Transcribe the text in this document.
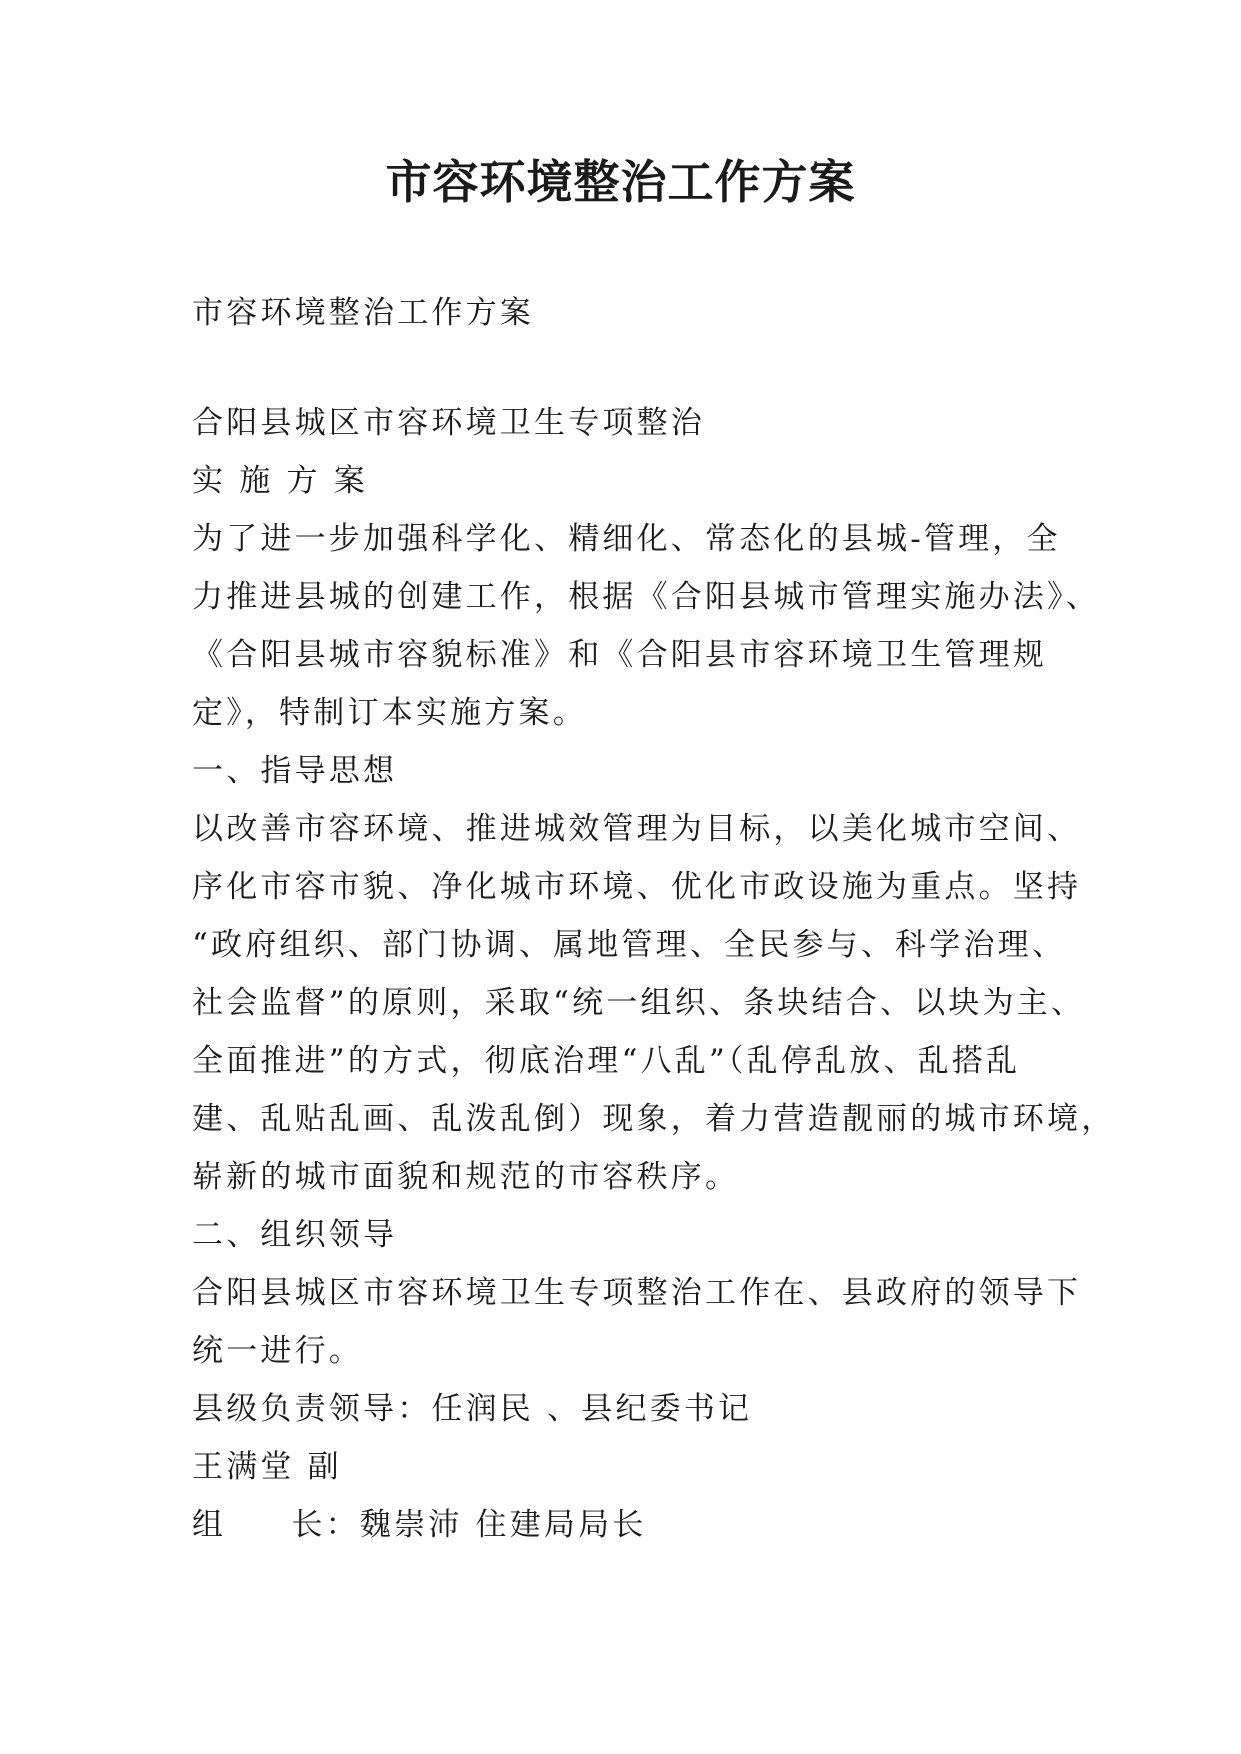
市容环境整治工作方案

市容环境整治工作方案

合阳县城区市容环境卫生专项整治

实 施 方 案

为了进一步加强科学化、精细化、常态化的县城-管理，全

力推进县城的创建工作，根据《合阳县城市管理实施办法》、

《合阳县城市容貌标准》和《合阳县市容环境卫生管理规

定》，特制订本实施方案。

一、指导思想

以改善市容环境、推进城效管理为目标，以美化城市空间、

序化市容市貌、净化城市环境、优化市政设施为重点。坚持

“政府组织、部门协调、属地管理、全民参与、科学治理、

社会监督”的原则，采取“统一组织、条块结合、以块为主、

全面推进”的方式，彻底治理“八乱”（乱停乱放、乱搭乱

建、乱贴乱画、乱泼乱倒）现象，着力营造靓丽的城市环境，

崭新的城市面貌和规范的市容秩序。

二、组织领导

合阳县城区市容环境卫生专项整治工作在、县政府的领导下

统一进行。

县级负责领导：任润民 、县纪委书记

王满堂 副

组     长：魏崇沛 住建局局长
